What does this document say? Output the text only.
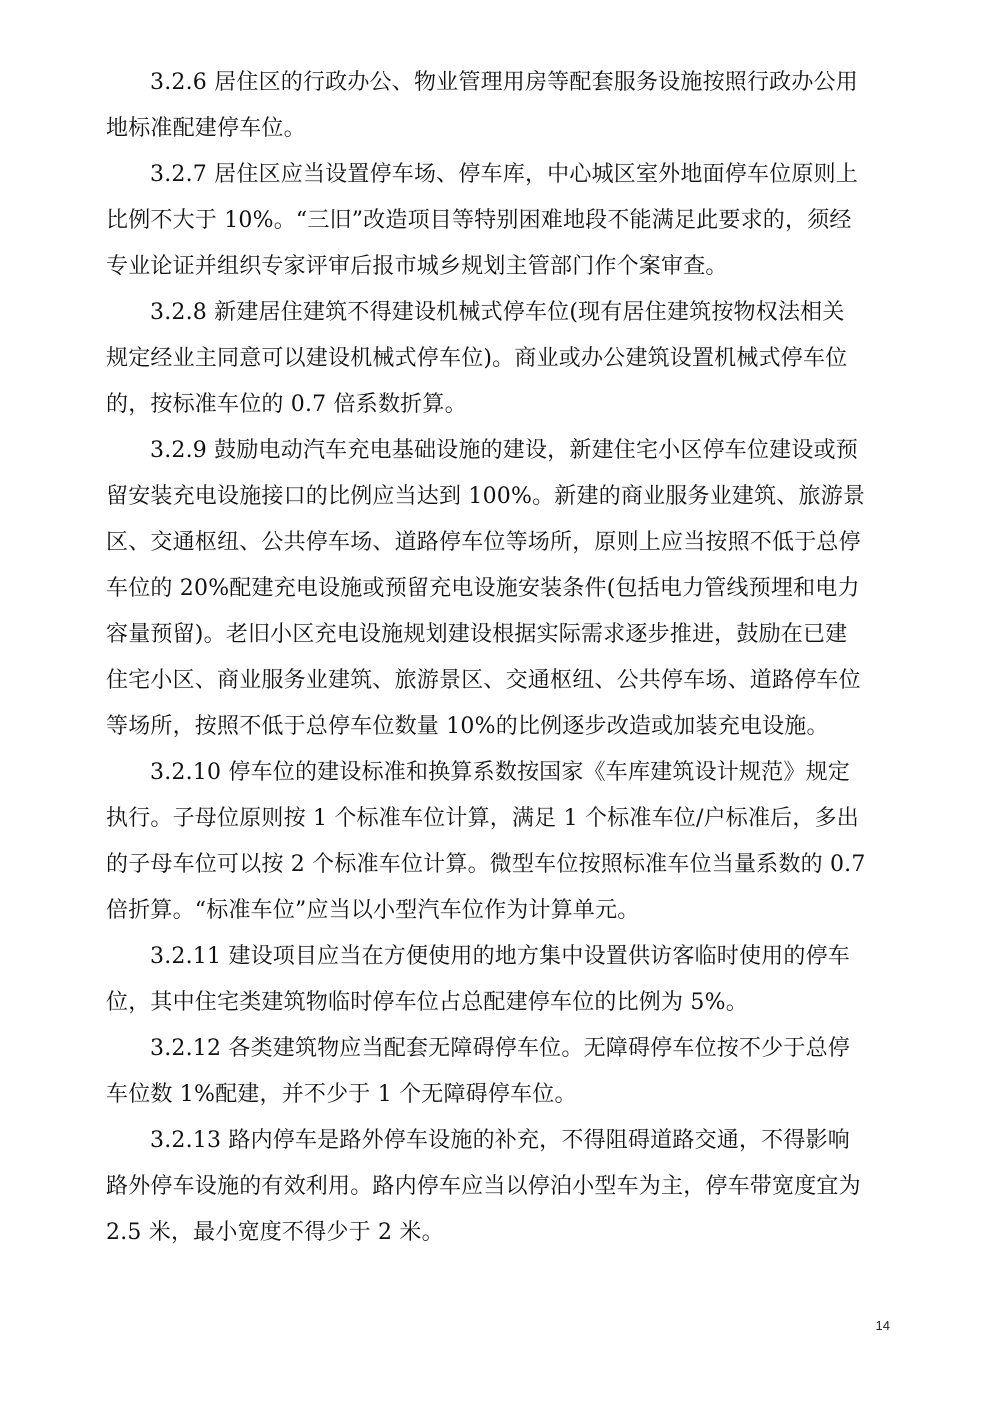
3.2.6 居住区的行政办公、物业管理用房等配套服务设施按照行政办公用
地标准配建停车位。
3.2.7 居住区应当设置停车场、停车库，中心城区室外地面停车位原则上
比例不大于 10%。“三旧”改造项目等特别困难地段不能满足此要求的，须经
专业论证并组织专家评审后报市城乡规划主管部门作个案审查。
3.2.8 新建居住建筑不得建设机械式停车位(现有居住建筑按物权法相关
规定经业主同意可以建设机械式停车位)。商业或办公建筑设置机械式停车位
的，按标准车位的 0.7 倍系数折算。
3.2.9 鼓励电动汽车充电基础设施的建设，新建住宅小区停车位建设或预
留安装充电设施接口的比例应当达到 100%。新建的商业服务业建筑、旅游景
区、交通枢纽、公共停车场、道路停车位等场所，原则上应当按照不低于总停
车位的 20%配建充电设施或预留充电设施安装条件(包括电力管线预埋和电力
容量预留)。老旧小区充电设施规划建设根据实际需求逐步推进，鼓励在已建
住宅小区、商业服务业建筑、旅游景区、交通枢纽、公共停车场、道路停车位
等场所，按照不低于总停车位数量 10%的比例逐步改造或加装充电设施。
3.2.10 停车位的建设标准和换算系数按国家《车库建筑设计规范》规定
执行。子母位原则按 1 个标准车位计算，满足 1 个标准车位/户标准后，多出
的子母车位可以按 2 个标准车位计算。微型车位按照标准车位当量系数的 0.7
倍折算。“标准车位”应当以小型汽车位作为计算单元。
3.2.11 建设项目应当在方便使用的地方集中设置供访客临时使用的停车
位，其中住宅类建筑物临时停车位占总配建停车位的比例为 5%。
3.2.12 各类建筑物应当配套无障碍停车位。无障碍停车位按不少于总停
车位数 1%配建，并不少于 1 个无障碍停车位。
3.2.13 路内停车是路外停车设施的补充，不得阻碍道路交通，不得影响
路外停车设施的有效利用。路内停车应当以停泊小型车为主，停车带宽度宜为
2.5 米，最小宽度不得少于 2 米。
14
